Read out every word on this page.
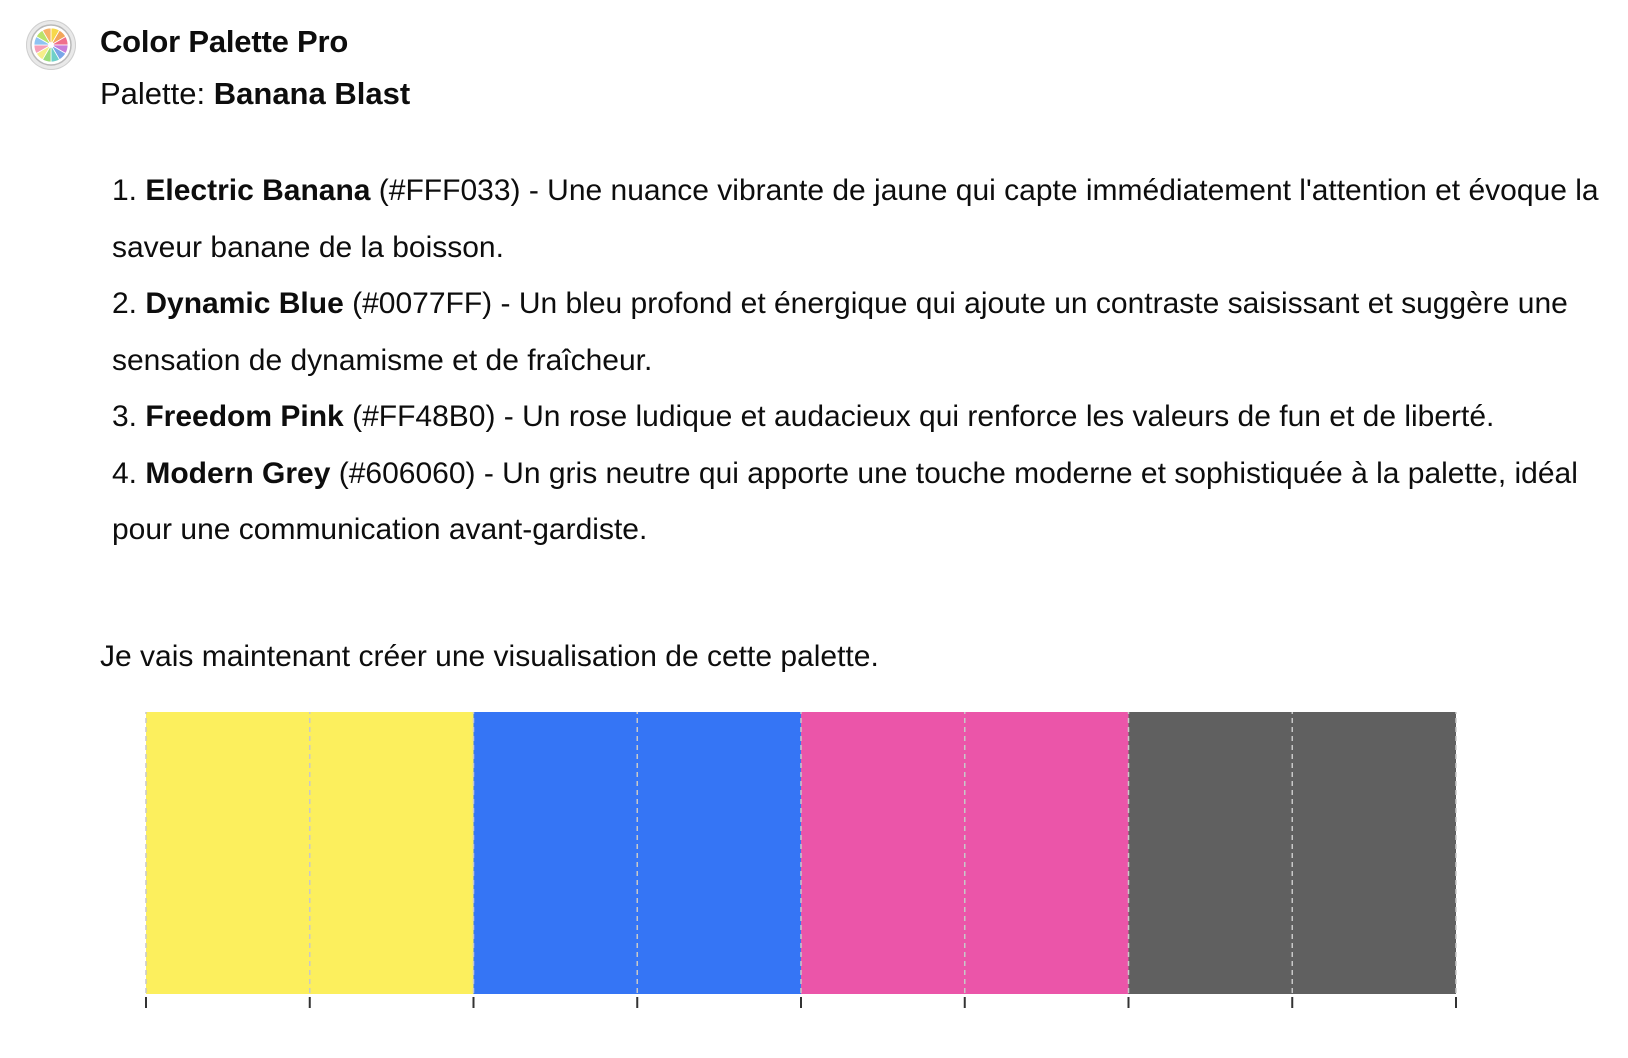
Color Palette Pro
Palette: Banana Blast
1. Electric Banana (#FFF033) - Une nuance vibrante de jaune qui capte immédiatement l'attention et évoque la saveur banane de la boisson.
2. Dynamic Blue (#0077FF) - Un bleu profond et énergique qui ajoute un contraste saisissant et suggère une sensation de dynamisme et de fraîcheur.
3. Freedom Pink (#FF48B0) - Un rose ludique et audacieux qui renforce les valeurs de fun et de liberté.
4. Modern Grey (#606060) - Un gris neutre qui apporte une touche moderne et sophistiquée à la palette, idéal pour une communication avant-gardiste.
Je vais maintenant créer une visualisation de cette palette.
